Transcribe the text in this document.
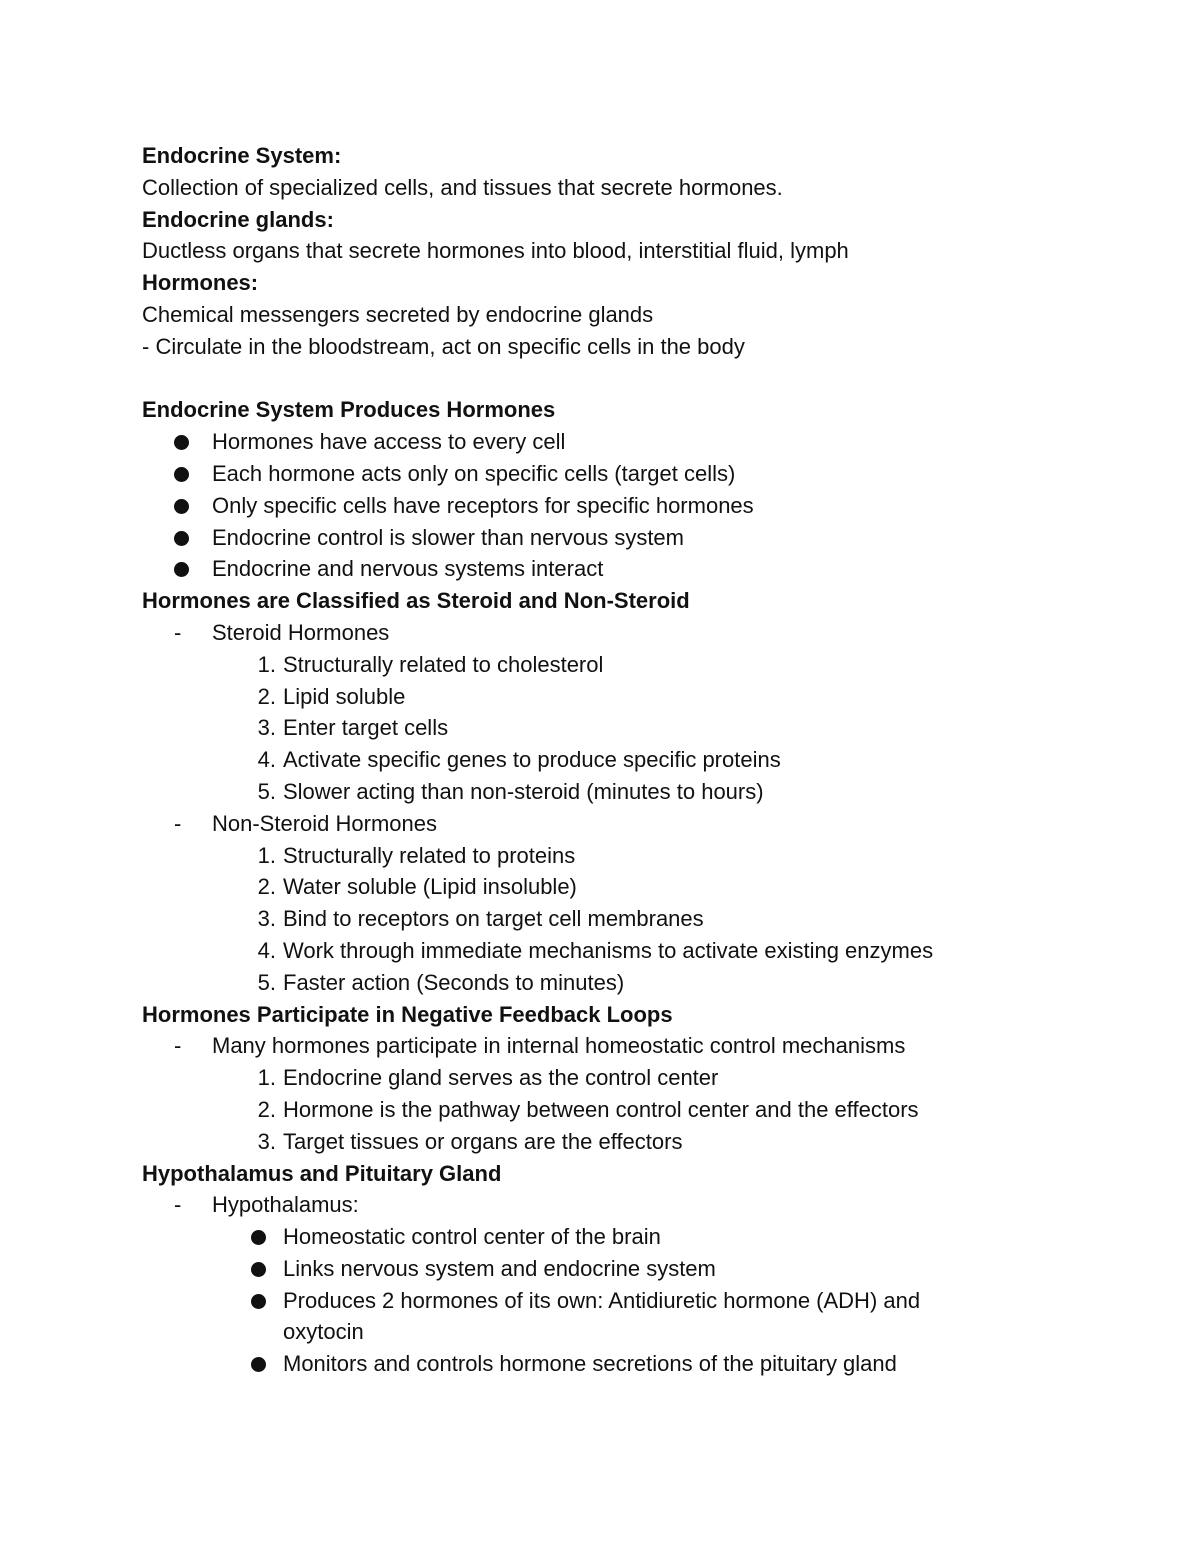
Endocrine System:

Collection of specialized cells, and tissues that secrete hormones.

Endocrine glands:

Ductless organs that secrete hormones into blood, interstitial fluid, lymph

Hormones:

Chemical messengers secreted by endocrine glands

- Circulate in the bloodstream, act on specific cells in the body

Endocrine System Produces Hormones

Hormones have access to every cell

Each hormone acts only on specific cells (target cells)

Only specific cells have receptors for specific hormones

Endocrine control is slower than nervous system

Endocrine and nervous systems interact

Hormones are Classified as Steroid and Non-Steroid

- Steroid Hormones

1. Structurally related to cholesterol

2. Lipid soluble

3. Enter target cells

4. Activate specific genes to produce specific proteins

5. Slower acting than non-steroid (minutes to hours)

- Non-Steroid Hormones

1. Structurally related to proteins

2. Water soluble (Lipid insoluble)

3. Bind to receptors on target cell membranes

4. Work through immediate mechanisms to activate existing enzymes

5. Faster action (Seconds to minutes)

Hormones Participate in Negative Feedback Loops

- Many hormones participate in internal homeostatic control mechanisms

1. Endocrine gland serves as the control center

2. Hormone is the pathway between control center and the effectors

3. Target tissues or organs are the effectors

Hypothalamus and Pituitary Gland

- Hypothalamus:

Homeostatic control center of the brain

Links nervous system and endocrine system

Produces 2 hormones of its own: Antidiuretic hormone (ADH) and oxytocin

Monitors and controls hormone secretions of the pituitary gland
